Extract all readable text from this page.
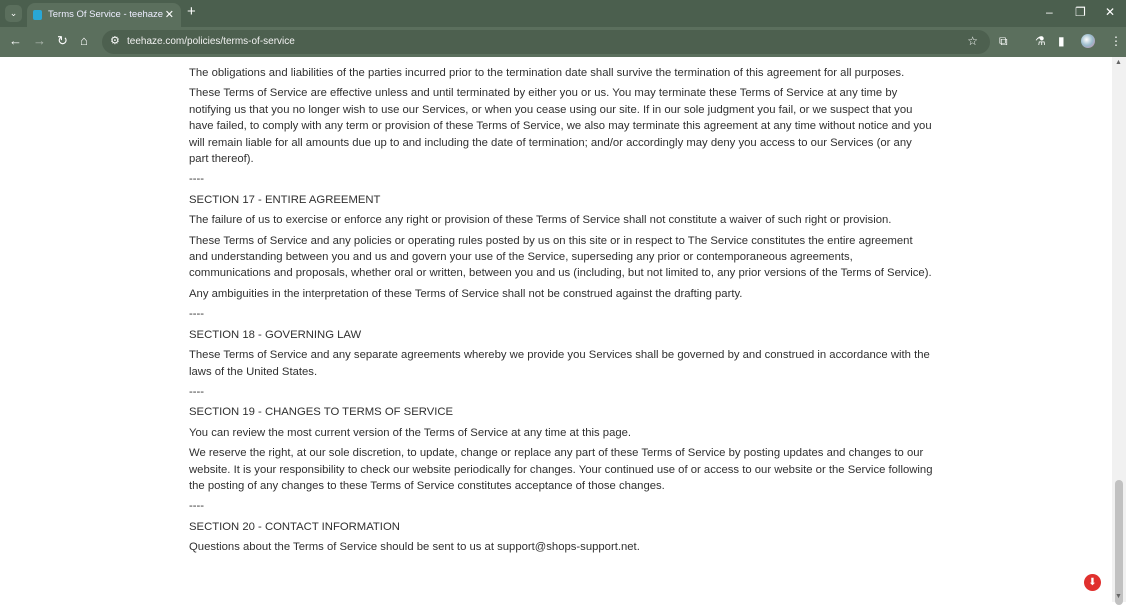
⌄	Terms Of Service - teehaze ✕ +	– ❐ ✕
← → ↻ ⌂ ⚙ teehaze.com/policies/terms-of-service	☆ ⧉ ⚗ ▮	⋮

The obligations and liabilities of the parties incurred prior to the termination date shall survive the termination of this agreement for all purposes.

These Terms of Service are effective unless and until terminated by either you or us. You may terminate these Terms of Service at any time by notifying us that you no longer wish to use our Services, or when you cease using our site. If in our sole judgment you fail, or we suspect that you have failed, to comply with any term or provision of these Terms of Service, we also may terminate this agreement at any time without notice and you will remain liable for all amounts due up to and including the date of termination; and/or accordingly may deny you access to our Services (or any part thereof).

----

SECTION 17 - ENTIRE AGREEMENT

The failure of us to exercise or enforce any right or provision of these Terms of Service shall not constitute a waiver of such right or provision.

These Terms of Service and any policies or operating rules posted by us on this site or in respect to The Service constitutes the entire agreement and understanding between you and us and govern your use of the Service, superseding any prior or contemporaneous agreements, communications and proposals, whether oral or written, between you and us (including, but not limited to, any prior versions of the Terms of Service).

Any ambiguities in the interpretation of these Terms of Service shall not be construed against the drafting party.

----

SECTION 18 - GOVERNING LAW

These Terms of Service and any separate agreements whereby we provide you Services shall be governed by and construed in accordance with the laws of the United States.

----

SECTION 19 - CHANGES TO TERMS OF SERVICE

You can review the most current version of the Terms of Service at any time at this page.

We reserve the right, at our sole discretion, to update, change or replace any part of these Terms of Service by posting updates and changes to our website. It is your responsibility to check our website periodically for changes. Your continued use of or access to our website or the Service following the posting of any changes to these Terms of Service constitutes acceptance of those changes.

----

SECTION 20 - CONTACT INFORMATION

Questions about the Terms of Service should be sent to us at support@shops-support.net.

▲
▼
⬇
